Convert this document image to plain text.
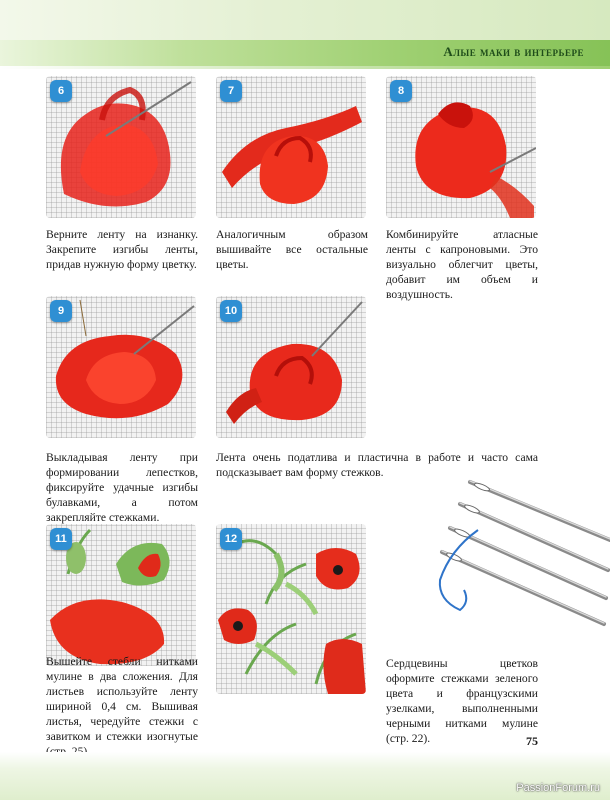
Алые маки в интерьере
6
Верните ленту на изнанку. Закрепите изгибы ленты, придав нужную форму цветку.
7
Аналогичным образом вышивайте все остальные цветы.
8
Комбинируйте атласные ленты с капроновыми. Это визуально облегчит цветы, добавит им объем и воздушность.
9
Выкладывая ленту при формировании лепестков, фиксируйте удачные изгибы булавками, а потом закрепляйте стежками.
10
Лента очень податлива и пластична в работе и часто сама подсказывает вам форму стежков.
11
Вышейте стебли нитками мулине в два сложения. Для листьев используйте ленту шириной 0,4 см. Вышивая листья, чередуйте стежки с завитком и стежки изогнутые
12
Сердцевины цветков оформите стежками зеленого цвета и французскими узелками, выполненными черными нитками мулине (стр. 22).	75
PassionForum.ru
